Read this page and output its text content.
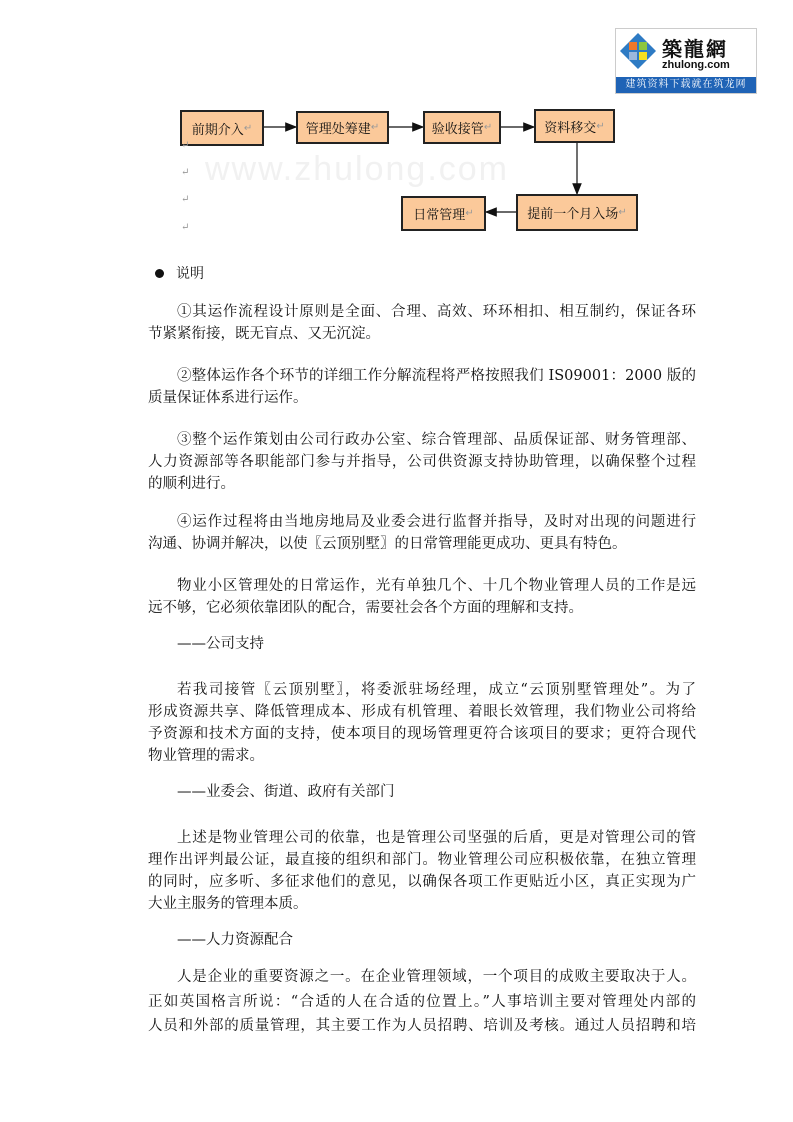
築龍網
zhulong.com
建筑资料下载就在筑龙网
www.zhulong.com
前期介入 ↵	管理处筹建 ↵	验收接管 ↵	资料移交 ↵
提前一个月入场 ↵
日常管理 ↵
↵
↵
↵
↵
说明
①其运作流程设计原则是全面、合理、高效、环环相扣、相互制约，保证各环
节紧紧衔接，既无盲点、又无沉淀。
②整体运作各个环节的详细工作分解流程将严格按照我们 IS09001：2000 版的
质量保证体系进行运作。
③整个运作策划由公司行政办公室、综合管理部、品质保证部、财务管理部、
人力资源部等各职能部门参与并指导，公司供资源支持协助管理，以确保整个过程
的顺利进行。
④运作过程将由当地房地局及业委会进行监督并指导，及时对出现的问题进行
沟通、协调并解决，以使〖云顶别墅〗的日常管理能更成功、更具有特色。
物业小区管理处的日常运作，光有单独几个、十几个物业管理人员的工作是远
远不够，它必须依靠团队的配合，需要社会各个方面的理解和支持。
——公司支持
若我司接管〖云顶别墅〗，将委派驻场经理，成立“云顶别墅管理处”。为了
形成资源共享、降低管理成本、形成有机管理、着眼长效管理，我们物业公司将给
予资源和技术方面的支持，使本项目的现场管理更符合该项目的要求；更符合现代
物业管理的需求。
——业委会、街道、政府有关部门
上述是物业管理公司的依靠，也是管理公司坚强的后盾，更是对管理公司的管
理作出评判最公证，最直接的组织和部门。物业管理公司应积极依靠，在独立管理
的同时，应多听、多征求他们的意见，以确保各项工作更贴近小区，真正实现为广
大业主服务的管理本质。
——人力资源配合
人是企业的重要资源之一。在企业管理领域，一个项目的成败主要取决于人。
正如英国格言所说：“合适的人在合适的位置上。”人事培训主要对管理处内部的
人员和外部的质量管理，其主要工作为人员招聘、培训及考核。通过人员招聘和培
